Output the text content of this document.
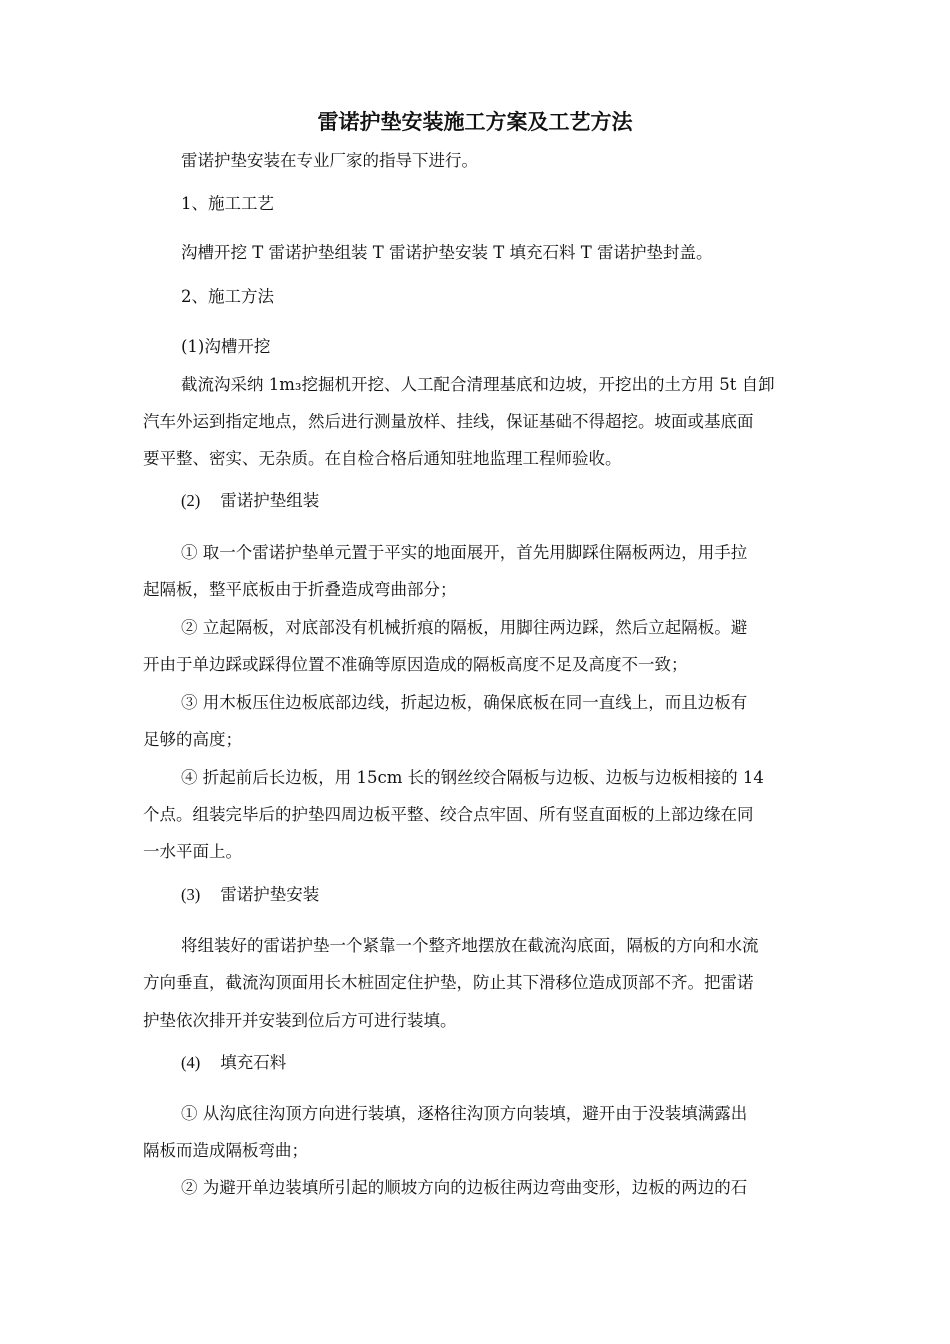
雷诺护垫安装施工方案及工艺方法

雷诺护垫安装在专业厂家的指导下进行。

1、施工工艺

沟槽开挖 T 雷诺护垫组装 T 雷诺护垫安装 T 填充石料 T 雷诺护垫封盖。

2、施工方法

(1)沟槽开挖

截流沟采纳 1m₃挖掘机开挖、人工配合清理基底和边坡，开挖出的土方用 5t 自卸

汽车外运到指定地点，然后进行测量放样、挂线，保证基础不得超挖。坡面或基底面

要平整、密实、无杂质。在自检合格后通知驻地监理工程师验收。

(2) 雷诺护垫组装

① 取一个雷诺护垫单元置于平实的地面展开，首先用脚踩住隔板两边，用手拉

起隔板，整平底板由于折叠造成弯曲部分；

② 立起隔板，对底部没有机械折痕的隔板，用脚往两边踩，然后立起隔板。避

开由于单边踩或踩得位置不准确等原因造成的隔板高度不足及高度不一致；

③ 用木板压住边板底部边线，折起边板，确保底板在同一直线上，而且边板有

足够的高度；

④ 折起前后长边板，用 15cm 长的钢丝绞合隔板与边板、边板与边板相接的 14

个点。组装完毕后的护垫四周边板平整、绞合点牢固、所有竖直面板的上部边缘在同

一水平面上。

(3) 雷诺护垫安装

将组装好的雷诺护垫一个紧靠一个整齐地摆放在截流沟底面，隔板的方向和水流

方向垂直，截流沟顶面用长木桩固定住护垫，防止其下滑移位造成顶部不齐。把雷诺

护垫依次排开并安装到位后方可进行装填。

(4) 填充石料

① 从沟底往沟顶方向进行装填，逐格往沟顶方向装填，避开由于没装填满露出

隔板而造成隔板弯曲；

② 为避开单边装填所引起的顺坡方向的边板往两边弯曲变形，边板的两边的石
